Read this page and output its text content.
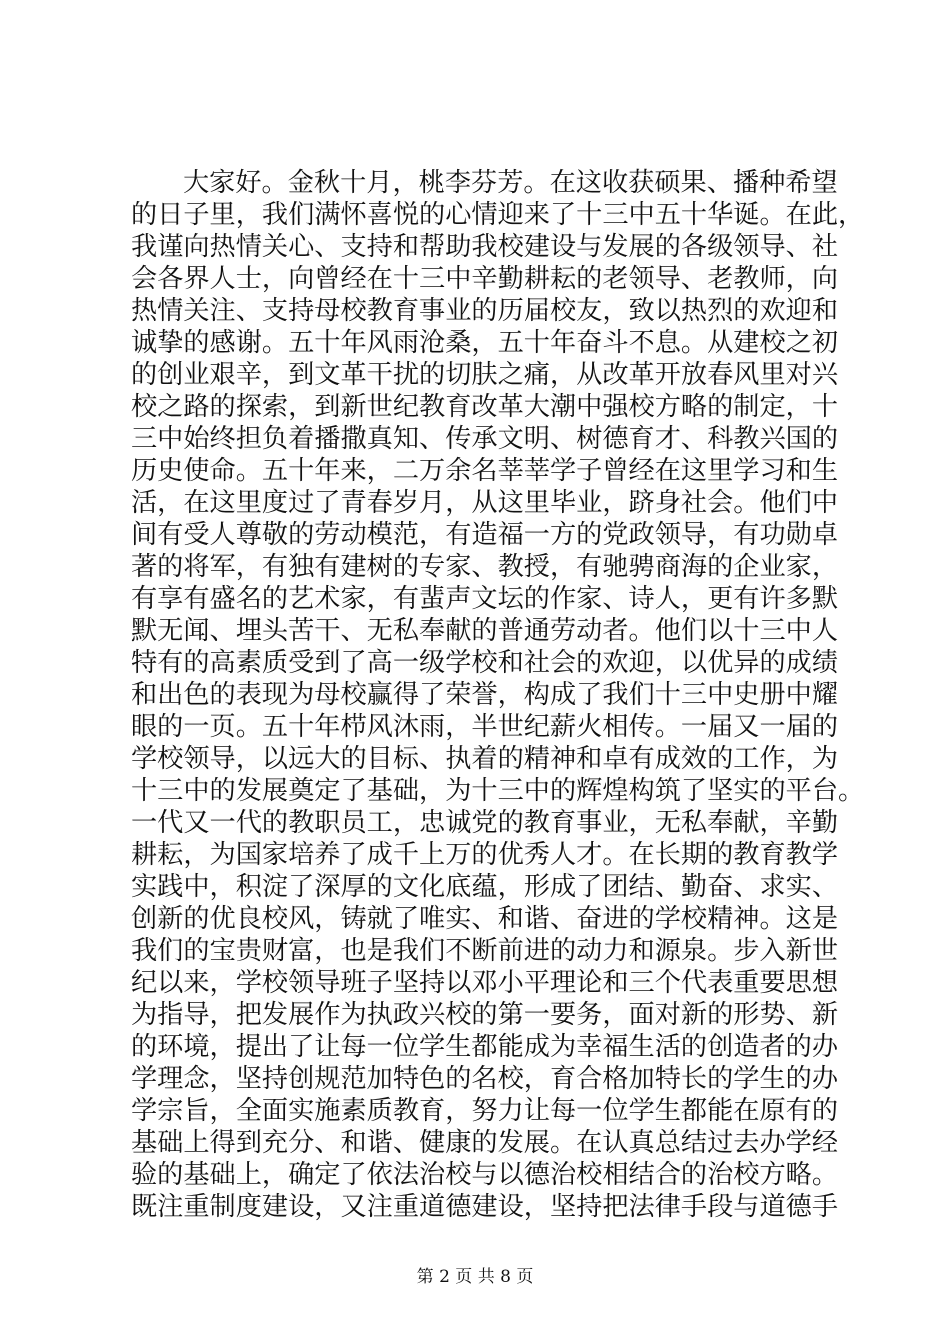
大家好。金秋十月，桃李芬芳。在这收获硕果、播种希望
的日子里，我们满怀喜悦的心情迎来了十三中五十华诞。在此，
我谨向热情关心、支持和帮助我校建设与发展的各级领导、社
会各界人士，向曾经在十三中辛勤耕耘的老领导、老教师，向
热情关注、支持母校教育事业的历届校友，致以热烈的欢迎和
诚挚的感谢。五十年风雨沧桑，五十年奋斗不息。从建校之初
的创业艰辛，到文革干扰的切肤之痛，从改革开放春风里对兴
校之路的探索，到新世纪教育改革大潮中强校方略的制定，十
三中始终担负着播撒真知、传承文明、树德育才、科教兴国的
历史使命。五十年来，二万余名莘莘学子曾经在这里学习和生
活，在这里度过了青春岁月，从这里毕业，跻身社会。他们中
间有受人尊敬的劳动模范，有造福一方的党政领导，有功勋卓
著的将军，有独有建树的专家、教授，有驰骋商海的企业家，
有享有盛名的艺术家，有蜚声文坛的作家、诗人，更有许多默
默无闻、埋头苦干、无私奉献的普通劳动者。他们以十三中人
特有的高素质受到了高一级学校和社会的欢迎，以优异的成绩
和出色的表现为母校赢得了荣誉，构成了我们十三中史册中耀
眼的一页。五十年栉风沐雨，半世纪薪火相传。一届又一届的
学校领导，以远大的目标、执着的精神和卓有成效的工作，为
十三中的发展奠定了基础，为十三中的辉煌构筑了坚实的平台。
一代又一代的教职员工，忠诚党的教育事业，无私奉献，辛勤
耕耘，为国家培养了成千上万的优秀人才。在长期的教育教学
实践中，积淀了深厚的文化底蕴，形成了团结、勤奋、求实、
创新的优良校风，铸就了唯实、和谐、奋进的学校精神。这是
我们的宝贵财富，也是我们不断前进的动力和源泉。步入新世
纪以来，学校领导班子坚持以邓小平理论和三个代表重要思想
为指导，把发展作为执政兴校的第一要务，面对新的形势、新
的环境，提出了让每一位学生都能成为幸福生活的创造者的办
学理念，坚持创规范加特色的名校，育合格加特长的学生的办
学宗旨，全面实施素质教育，努力让每一位学生都能在原有的
基础上得到充分、和谐、健康的发展。在认真总结过去办学经
验的基础上，确定了依法治校与以德治校相结合的治校方略。
既注重制度建设，又注重道德建设，坚持把法律手段与道德手
第 2 页 共 8 页
